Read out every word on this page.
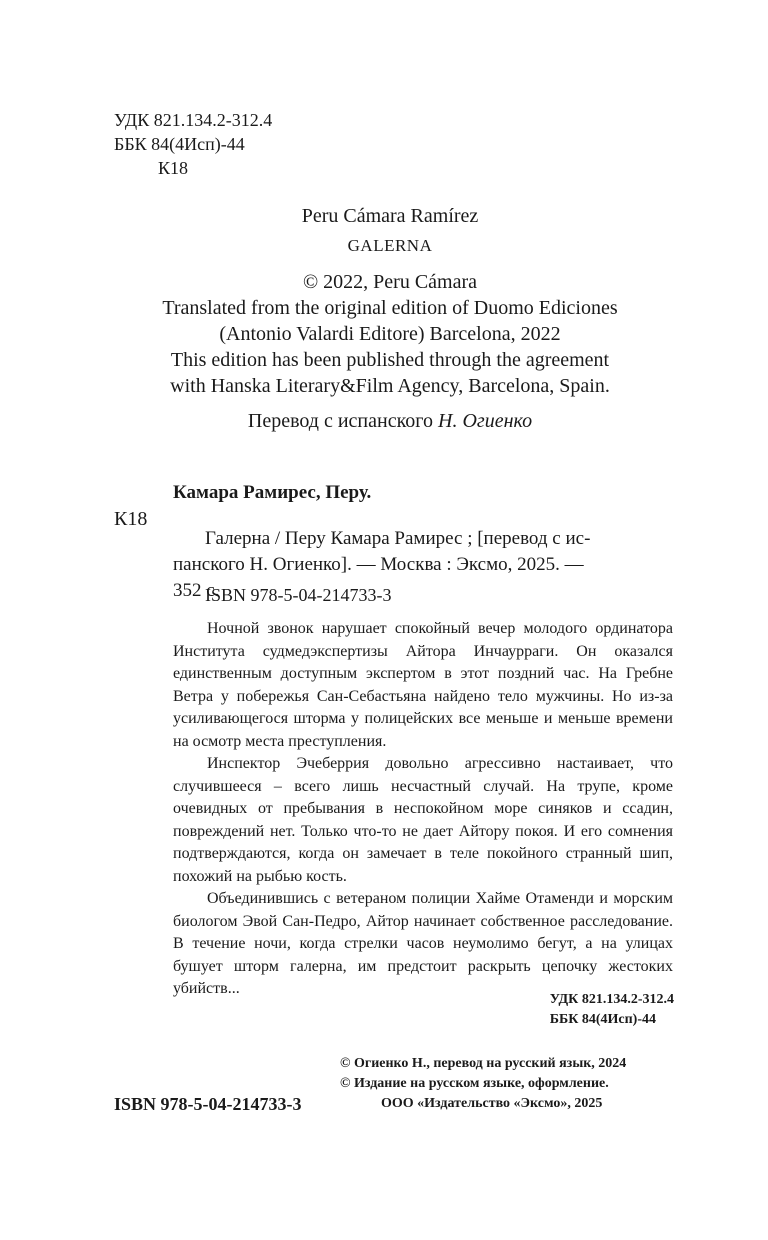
УДК 821.134.2-312.4
ББК 84(4Исп)-44
К18
Peru Cámara Ramírez
GALERNA
© 2022, Peru Cámara
Translated from the original edition of Duomo Ediciones
(Antonio Valardi Editore) Barcelona, 2022
This edition has been published through the agreement
with Hanska Literary&Film Agency, Barcelona, Spain.
Перевод с испанского Н. Огиенко
Камара Рамирес, Перу.
К18
Галерна / Перу Камара Рамирес ; [перевод с ис-
панского Н. Огиенко]. — Москва : Эксмо, 2025. —
352 с.
ISBN 978-5-04-214733-3

Ночной звонок нарушает спокойный вечер молодого ординатора Института судмедэкспертизы Айтора Инчаурраги. Он оказался единственным доступным экспертом в этот поздний час. На Гребне Ветра у побережья Сан-Себастьяна найдено тело мужчины. Но из-за усиливающегося шторма у полицейских все меньше и меньше времени на осмотр места преступления.

Инспектор Эчеберрия довольно агрессивно настаивает, что случившееся – всего лишь несчастный случай. На трупе, кроме очевидных от пребывания в неспокойном море синяков и ссадин, повреждений нет. Только что-то не дает Айтору покоя. И его сомнения подтверждаются, когда он замечает в теле покойного странный шип, похожий на рыбью кость.

Объединившись с ветераном полиции Хайме Отаменди и морским биологом Эвой Сан-Педро, Айтор начинает собственное расследование. В течение ночи, когда стрелки часов неумолимо бегут, а на улицах бушует шторм галерна, им предстоит раскрыть цепочку жестоких убийств...

УДК 821.134.2-312.4
ББК 84(4Исп)-44
© Огиенко Н., перевод на русский язык, 2024
© Издание на русском языке, оформление.
ООО «Издательство «Эксмо», 2025
ISBN 978-5-04-214733-3
